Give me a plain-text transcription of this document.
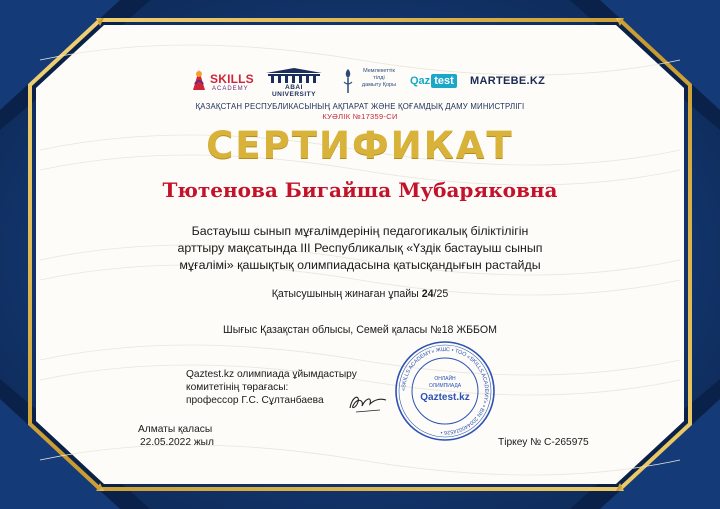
SKILLS
ACADEMY	ABAI UNIVERSITY
Мемлекеттік
тілді
дамыту Қоры	Qaz test MARTEBE.KZ
ҚАЗАҚСТАН РЕСПУБЛИКАСЫНЫҢ АҚПАРАТ ЖӘНЕ ҚОҒАМДЫҚ ДАМУ МИНИСТРЛІГІ
КУӘЛІК №17359-СИ
СЕРТИФИКАТ
Тютенова Бигайша Мубаряковна
Бастауыш сынып мұғалімдерінің педагогикалық біліктілігін
арттыру мақсатында III Республикалық «Үздік бастауыш сынып
мұғалімі» қашықтық олимпиадасына қатысқандығын растайды
Қатысушының жинаған ұпайы 24/25
Шығыс Қазақстан облысы, Семей қаласы №18 ЖББОМ
Qaztest.kz олимпиада ұйымдастыру
комитетінің төрағасы:
профессор Г.С. Сұлтанбаева
«SKILLS ACADEMY» ЖШС • ТОО «SKILLS ACADEMY» • BIN 200440024526 •
ОНЛАЙН
ОЛИМПИАДА
Qaztest.kz
Алматы қаласы
22.05.2022 жыл	Тіркеу № C-265975
